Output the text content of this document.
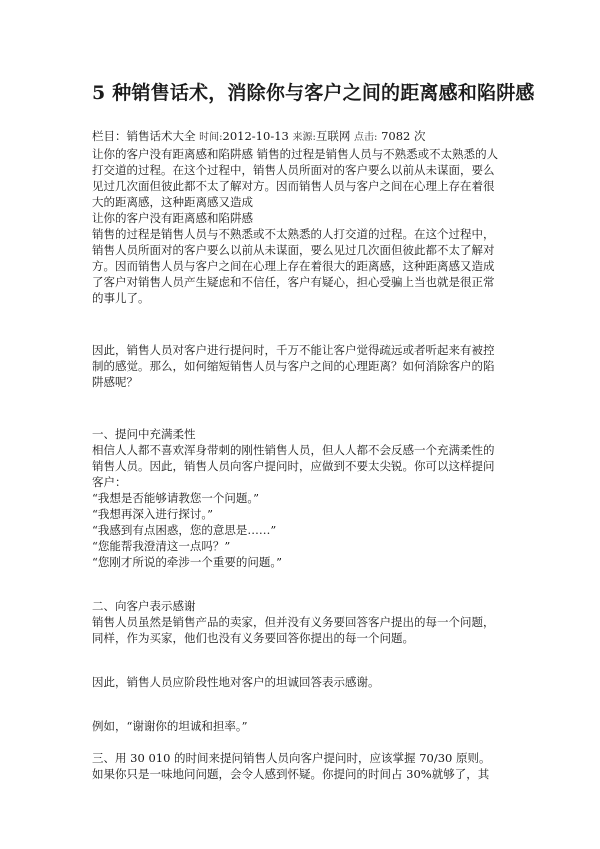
5 种销售话术，消除你与客户之间的距离感和陷阱感
栏目：销售话术大全 时间:2012-10-13 来源:互联网 点击: 7082 次

让你的客户没有距离感和陷阱感 销售的过程是销售人员与不熟悉或不太熟悉的人打交道的过程。在这个过程中，销售人员所面对的客户要么以前从未谋面，要么见过几次面但彼此都不太了解对方。因而销售人员与客户之间在心理上存在着很大的距离感，这种距离感又造成

让你的客户没有距离感和陷阱感

销售的过程是销售人员与不熟悉或不太熟悉的人打交道的过程。在这个过程中，销售人员所面对的客户要么以前从未谋面，要么见过几次面但彼此都不太了解对方。因而销售人员与客户之间在心理上存在着很大的距离感，这种距离感又造成了客户对销售人员产生疑虑和不信任，客户有疑心，担心受骗上当也就是很正常的事儿了。

因此，销售人员对客户进行提问时，千万不能让客户觉得疏远或者听起来有被控制的感觉。那么，如何缩短销售人员与客户之间的心理距离？如何消除客户的陷阱感呢？

一、提问中充满柔性

相信人人都不喜欢浑身带刺的刚性销售人员，但人人都不会反感一个充满柔性的销售人员。因此，销售人员向客户提问时，应做到不要太尖锐。你可以这样提问客户：

“我想是否能够请教您一个问题。”

“我想再深入进行探讨。”

“我感到有点困惑，您的意思是……”

“您能帮我澄清这一点吗？”

“您刚才所说的牵涉一个重要的问题。”

二、向客户表示感谢

销售人员虽然是销售产品的卖家，但并没有义务要回答客户提出的每一个问题，同样，作为买家，他们也没有义务要回答你提出的每一个问题。

因此，销售人员应阶段性地对客户的坦诚回答表示感谢。

例如，“谢谢你的坦诚和担率。”

三、用 30 010 的时间来提问销售人员向客户提问时，应该掌握 70/30 原则。如果你只是一味地问问题，会令人感到怀疑。你提问的时间占 30%就够了，其
